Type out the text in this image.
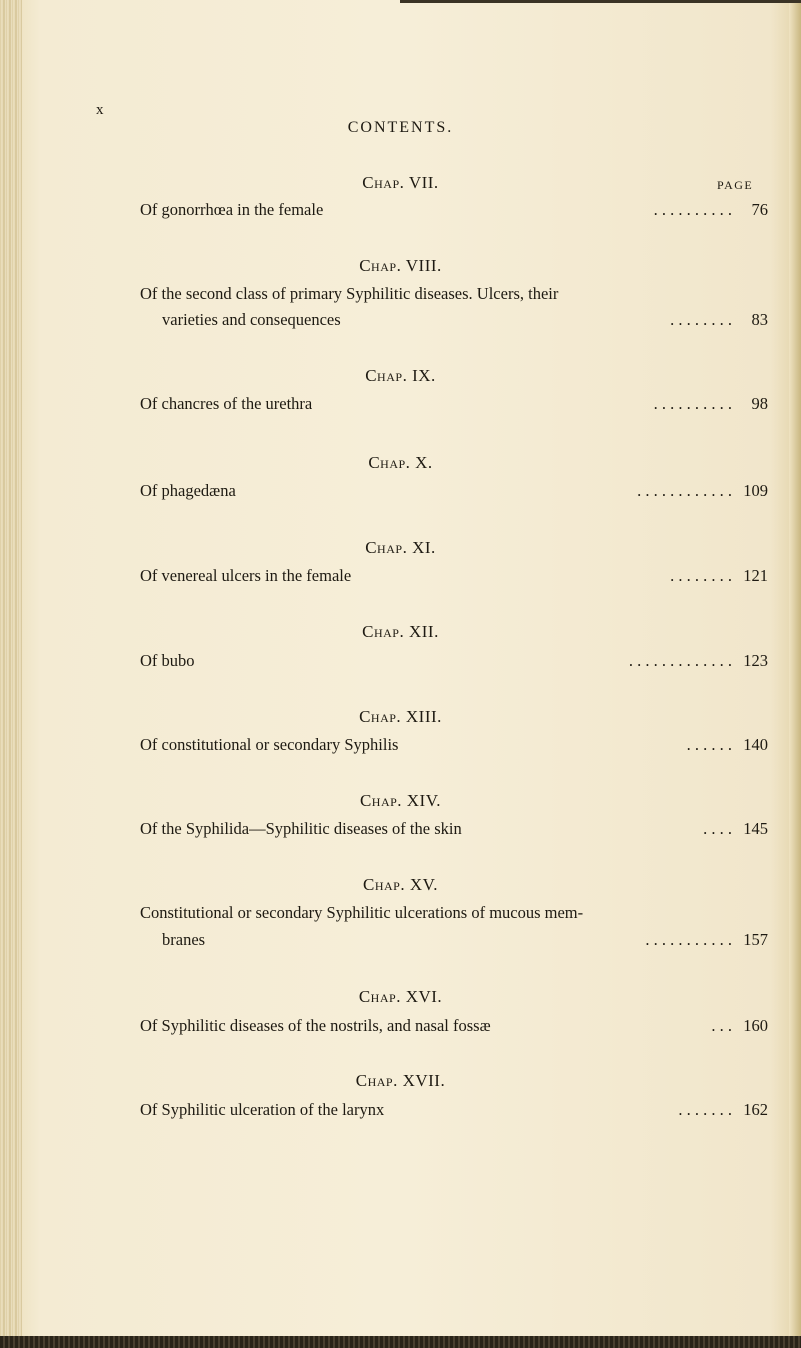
x
CONTENTS.
PAGE
Chap. VII.
Of gonorrhœa in the female	. . . . . . . . . .	76
Chap. VIII.
Of the second class of primary Syphilitic diseases. Ulcers, their
varieties and consequences	. . . . . . . .	83
Chap. IX.
Of chancres of the urethra	. . . . . . . . . .	98
Chap. X.
Of phagedæna	. . . . . . . . . . . . 109
Chap. XI.
Of venereal ulcers in the female	. . . . . . . . 121
Chap. XII.
Of bubo	. . . . . . . . . . . . . 123
Chap. XIII.
Of constitutional or secondary Syphilis	. . . . . . 140
Chap. XIV.
Of the Syphilida—Syphilitic diseases of the skin	. . . . 145
Chap. XV.
Constitutional or secondary Syphilitic ulcerations of mucous mem-
branes	. . . . . . . . . . . 157
Chap. XVI.
Of Syphilitic diseases of the nostrils, and nasal fossæ	. . . 160
Chap. XVII.
Of Syphilitic ulceration of the larynx	. . . . . . . 162
